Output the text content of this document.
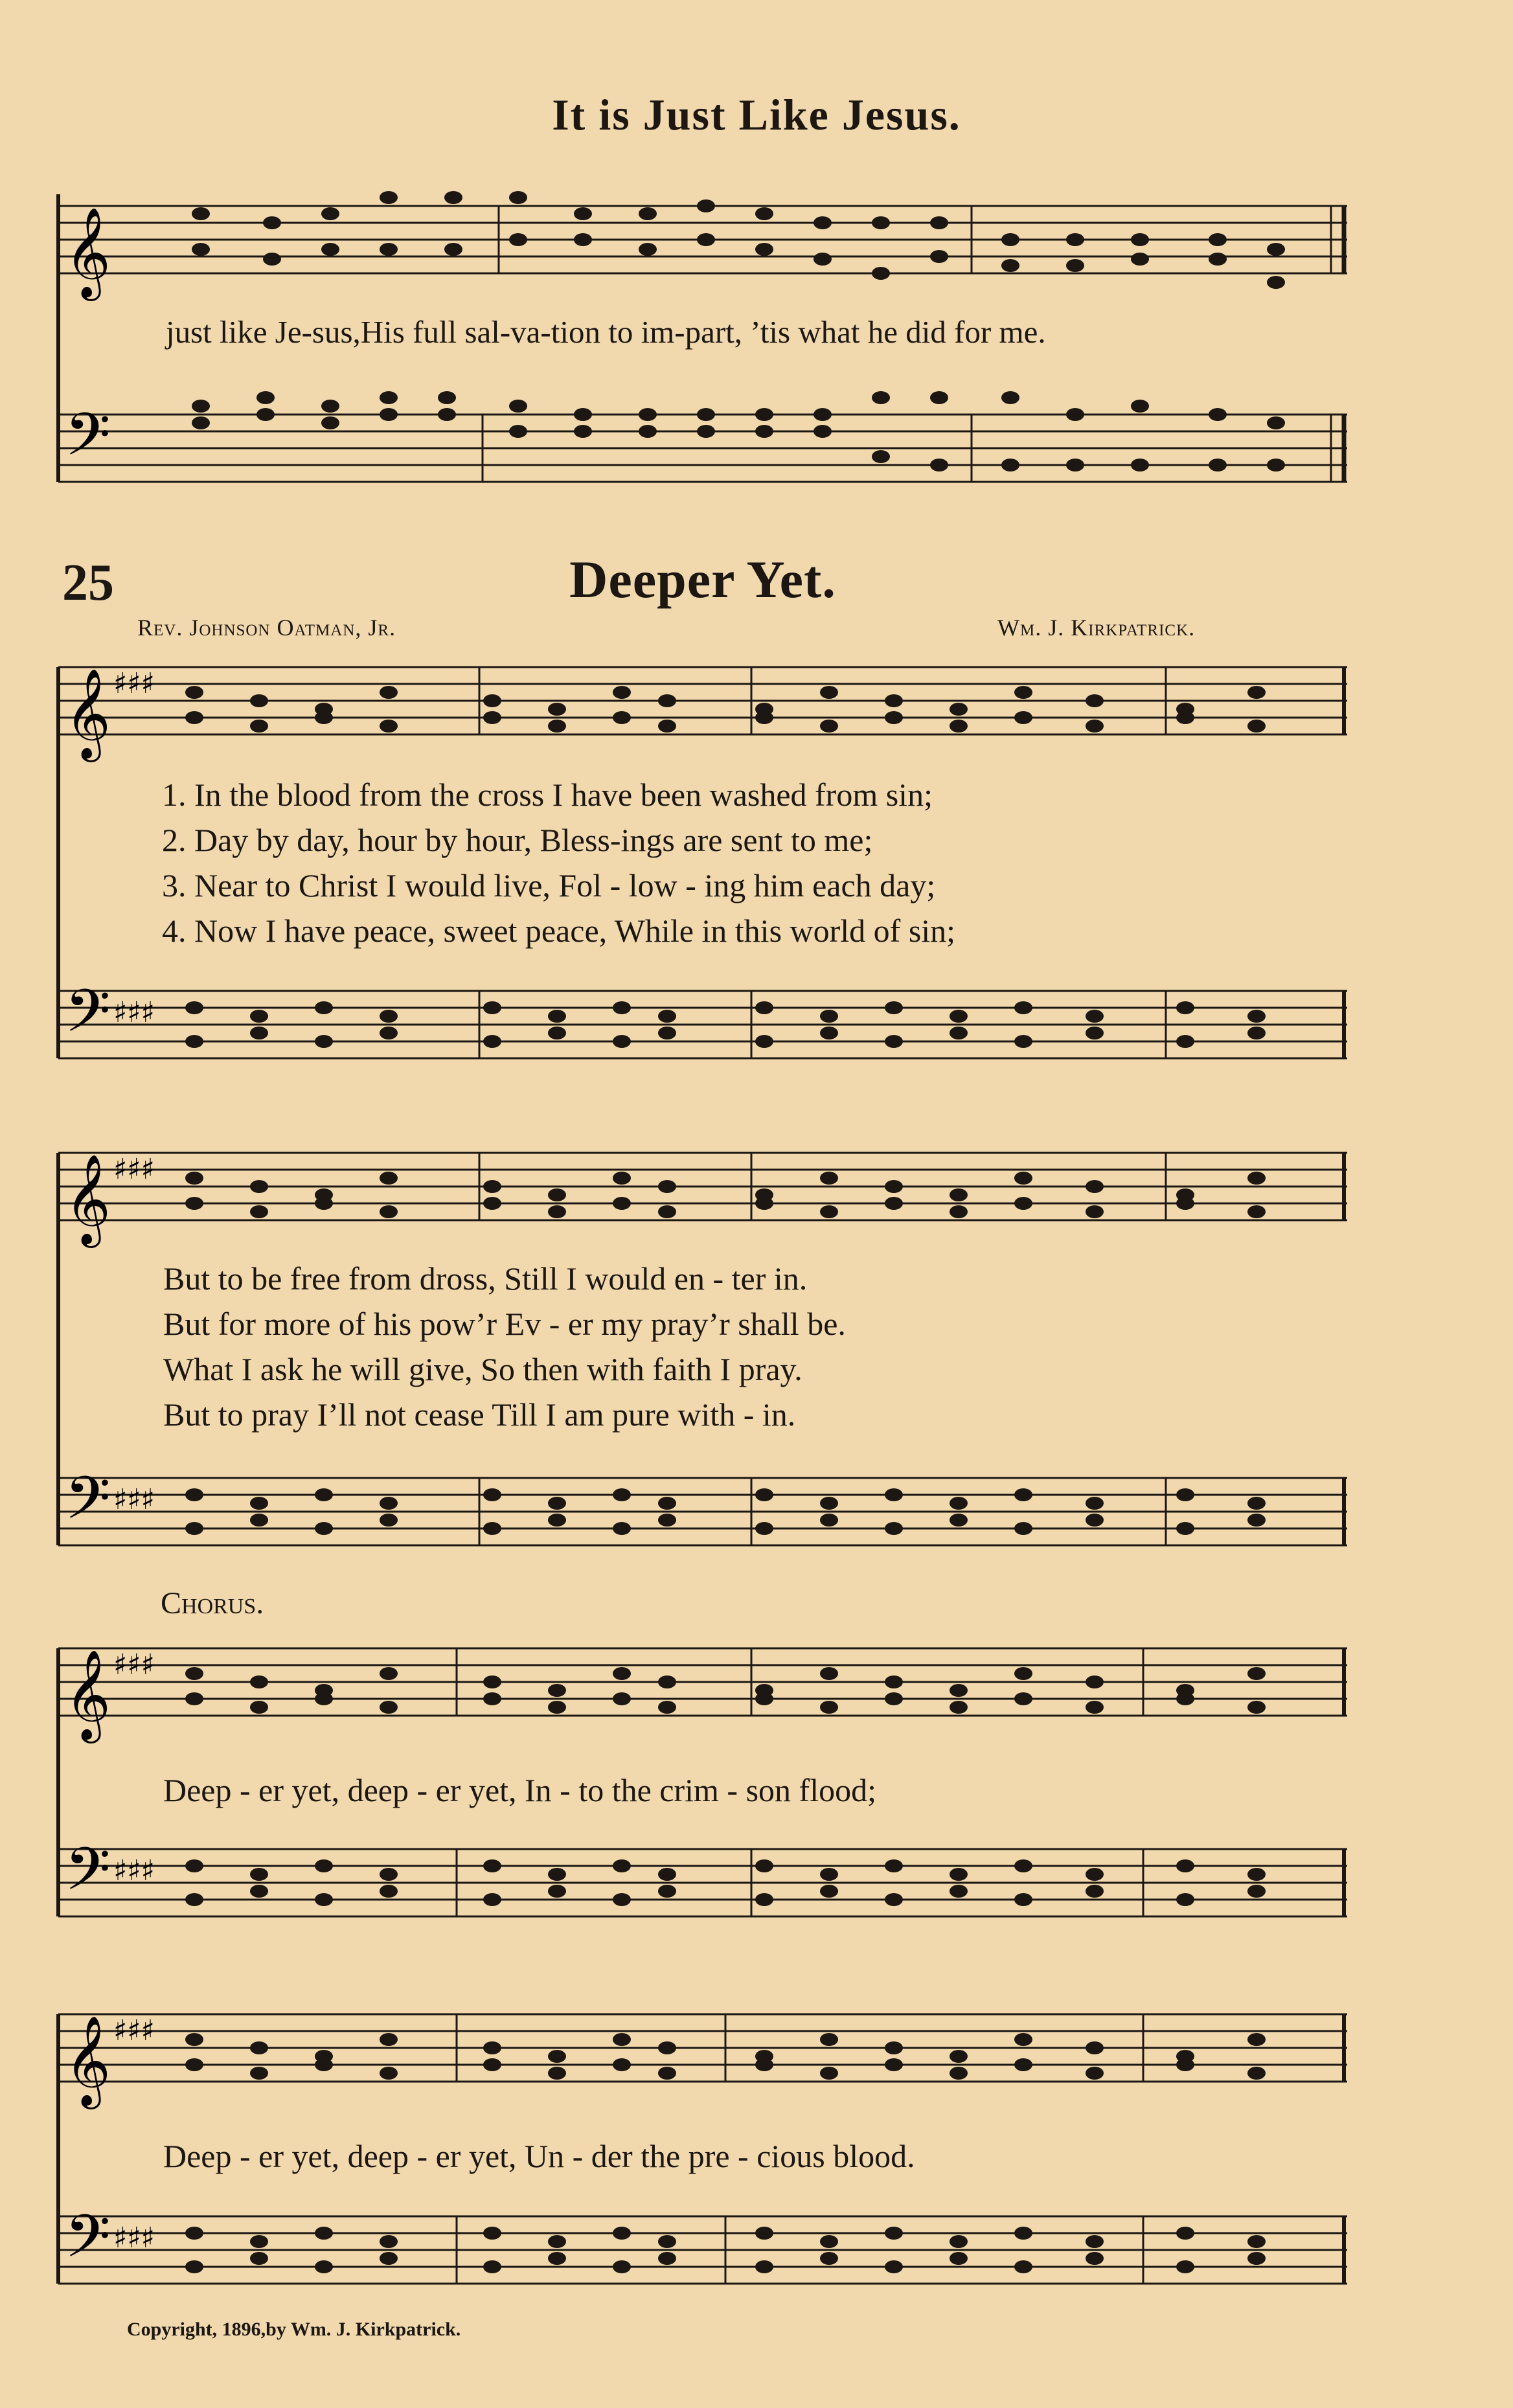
It is Just Like Jesus.
𝄞
𝄢
just like Je-sus,His full sal-va-tion to im-part, ’tis what he did for me.
25	Deeper Yet.
Rev. Johnson Oatman, Jr.	Wm. J. Kirkpatrick.
𝄞
𝄢
♯♯♯
♯♯♯
𝄞
𝄢
♯♯♯
♯♯♯
𝄞
𝄢
♯♯♯
♯♯♯
𝄞
𝄢
♯♯♯
♯♯♯
1. In the blood from the cross I have been washed from sin;
2. Day by day, hour by hour, Bless-ings are sent to me;
3. Near to Christ I would live, Fol - low - ing him each day;
4. Now I have peace, sweet peace, While in this world of sin;
But to be free from dross, Still I would en - ter in.
But for more of his pow’r Ev - er my pray’r shall be.
What I ask he will give, So then with faith I pray.
But to pray I’ll not cease Till I am pure with - in.
Chorus.
Deep - er yet, deep - er yet, In - to the crim - son flood;
Deep - er yet, deep - er yet, Un - der the pre - cious blood.
Copyright, 1896,by Wm. J. Kirkpatrick.
